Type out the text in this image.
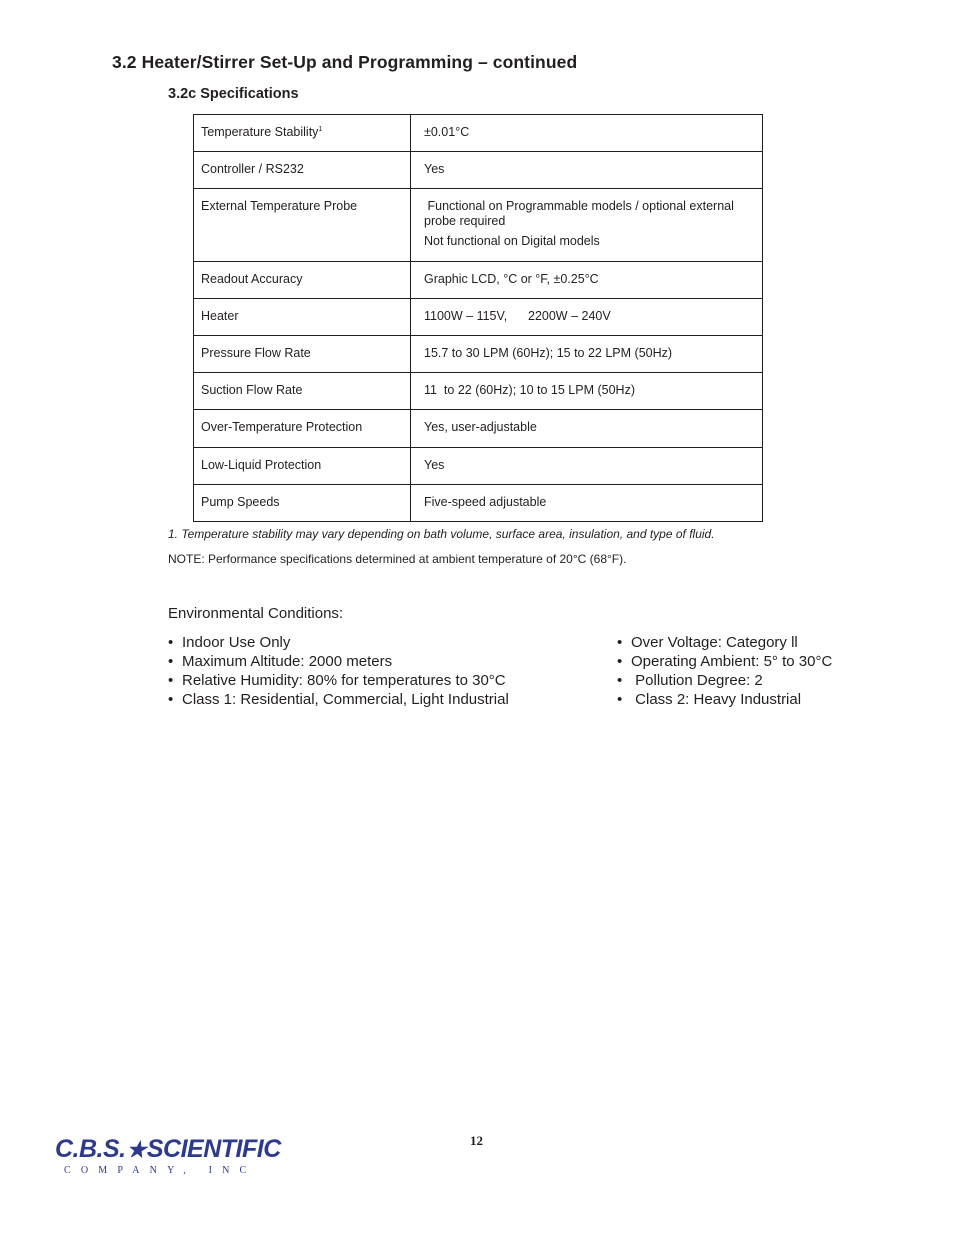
3.2 Heater/Stirrer Set-Up and Programming – continued
3.2c Specifications
Temperature Stability$^1$	±0.01°C

Controller / RS232	Yes

External Temperature Probe	Functional on Programmable models / optional external probe required
Not functional on Digital models

Readout Accuracy	Graphic LCD, °C or °F, ±0.25°C

Heater	1100W – 115V,      2200W – 240V

Pressure Flow Rate	15.7 to 30 LPM (60Hz); 15 to 22 LPM (50Hz)

Suction Flow Rate	11  to 22 (60Hz); 10 to 15 LPM (50Hz)

Over-Temperature Protection	Yes, user-adjustable

Low-Liquid Protection	Yes

Pump Speeds	Five-speed adjustable

1. Temperature stability may vary depending on bath volume, surface area, insulation, and type of fluid.

NOTE: Performance specifications determined at ambient temperature of 20°C (68°F).

Environmental Conditions:

• Indoor Use Only
• Maximum Altitude: 2000 meters
• Relative Humidity: 80% for temperatures to 30°C
• Class 1: Residential, Commercial, Light Industrial
• Over Voltage: Category ll
• Operating Ambient: 5° to 30°C
• Pollution Degree: 2
• Class 2: Heavy Industrial

12

C.B.S.★SCIENTIFIC
COMPANY, INC
